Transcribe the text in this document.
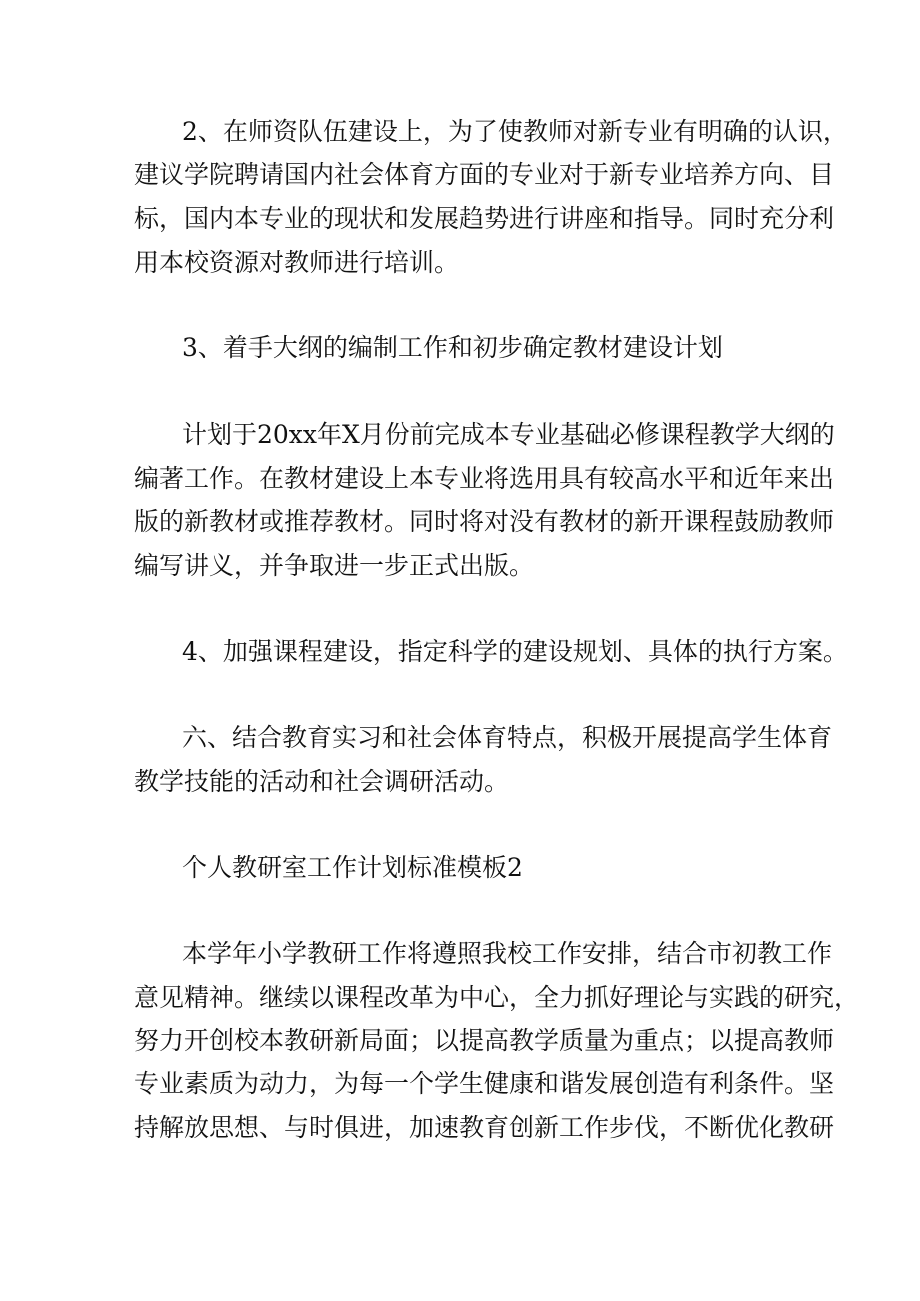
2、在师资队伍建设上，为了使教师对新专业有明确的认识，

建议学院聘请国内社会体育方面的专业对于新专业培养方向、目

标，国内本专业的现状和发展趋势进行讲座和指导。同时充分利

用本校资源对教师进行培训。

3、着手大纲的编制工作和初步确定教材建设计划

计划于20xx年X月份前完成本专业基础必修课程教学大纲的

编著工作。在教材建设上本专业将选用具有较高水平和近年来出

版的新教材或推荐教材。同时将对没有教材的新开课程鼓励教师

编写讲义，并争取进一步正式出版。

4、加强课程建设，指定科学的建设规划、具体的执行方案。

六、结合教育实习和社会体育特点，积极开展提高学生体育

教学技能的活动和社会调研活动。

个人教研室工作计划标准模板2

本学年小学教研工作将遵照我校工作安排，结合市初教工作

意见精神。继续以课程改革为中心，全力抓好理论与实践的研究，

努力开创校本教研新局面；以提高教学质量为重点；以提高教师

专业素质为动力，为每一个学生健康和谐发展创造有利条件。坚

持解放思想、与时俱进，加速教育创新工作步伐，不断优化教研
